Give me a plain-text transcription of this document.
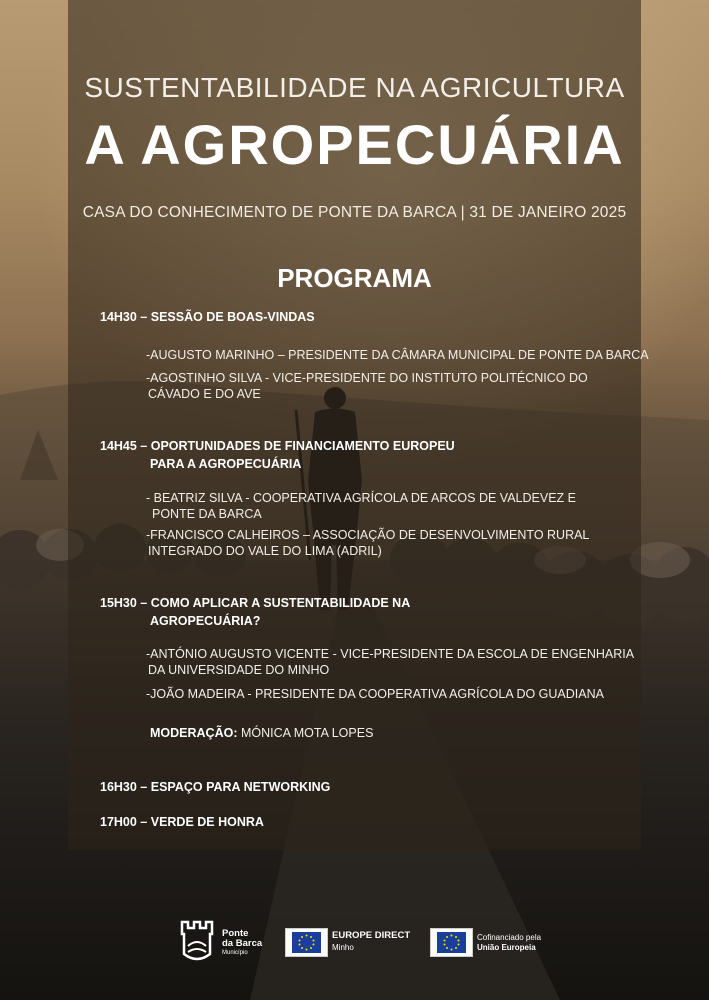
SUSTENTABILIDADE NA AGRICULTURA
A AGROPECUÁRIA
CASA DO CONHECIMENTO DE PONTE DA BARCA | 31 DE JANEIRO 2025
PROGRAMA
14H30 – SESSÃO DE BOAS-VINDAS
-AUGUSTO MARINHO – PRESIDENTE DA CÂMARA MUNICIPAL DE PONTE DA BARCA
-AGOSTINHO SILVA - VICE-PRESIDENTE DO INSTITUTO POLITÉCNICO DO
CÁVADO E DO AVE
14H45 – OPORTUNIDADES DE FINANCIAMENTO EUROPEU
PARA A AGROPECUÁRIA
- BEATRIZ SILVA - COOPERATIVA AGRÍCOLA DE ARCOS DE VALDEVEZ E
PONTE DA BARCA
-FRANCISCO CALHEIROS – ASSOCIAÇÃO DE DESENVOLVIMENTO RURAL
INTEGRADO DO VALE DO LIMA (ADRIL)
15H30 – COMO APLICAR A SUSTENTABILIDADE NA
AGROPECUÁRIA?
-ANTÓNIO AUGUSTO VICENTE - VICE-PRESIDENTE DA ESCOLA DE ENGENHARIA
DA UNIVERSIDADE DO MINHO
-JOÃO MADEIRA - PRESIDENTE DA COOPERATIVA AGRÍCOLA DO GUADIANA
MODERAÇÃO: MÓNICA MOTA LOPES
16H30 – ESPAÇO PARA NETWORKING
17H00 – VERDE DE HONRA
Ponte
da Barca
Município
EUROPE DIRECT
Minho
Cofinanciado pela
União Europeia
